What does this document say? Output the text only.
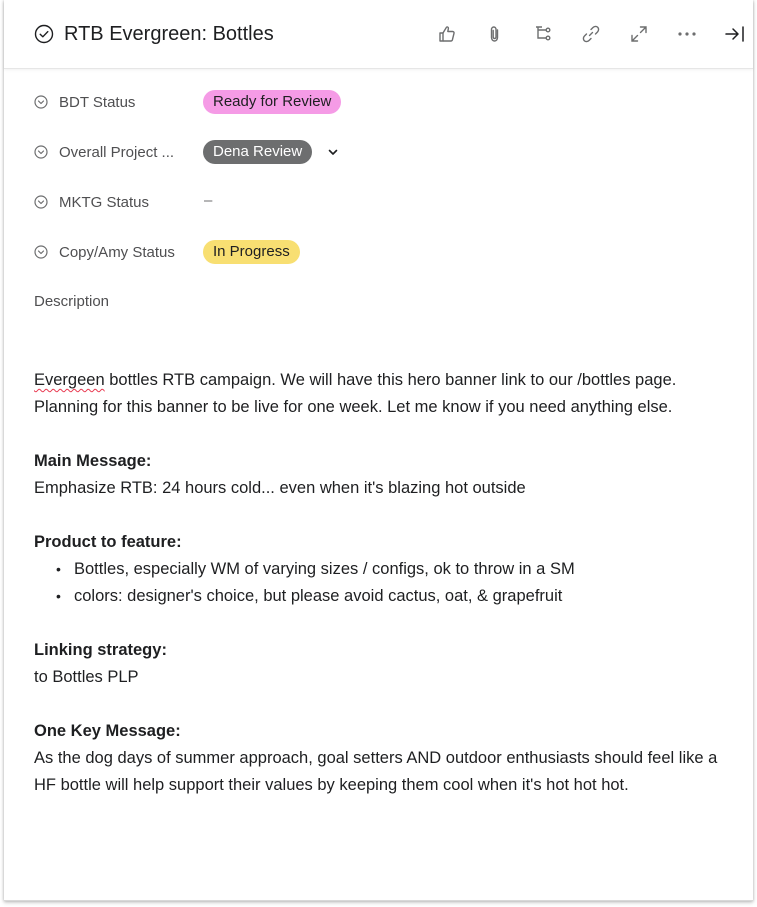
RTB Evergreen: Bottles
BDT Status	Ready for Review
Overall Project ...	Dena Review
MKTG Status	–
Copy/Amy Status	In Progress
Description

Evergeen bottles RTB campaign. We will have this hero banner link to our /bottles page. Planning for this banner to be live for one week. Let me know if you need anything else.

Main Message:

Emphasize RTB: 24 hours cold... even when it's blazing hot outside

Product to feature:
• Bottles, especially WM of varying sizes / configs, ok to throw in a SM
• colors: designer's choice, but please avoid cactus, oat, & grapefruit
Linking strategy:

to Bottles PLP

One Key Message:

As the dog days of summer approach, goal setters AND outdoor enthusiasts should feel like a HF bottle will help support their values by keeping them cool when it's hot hot hot.
